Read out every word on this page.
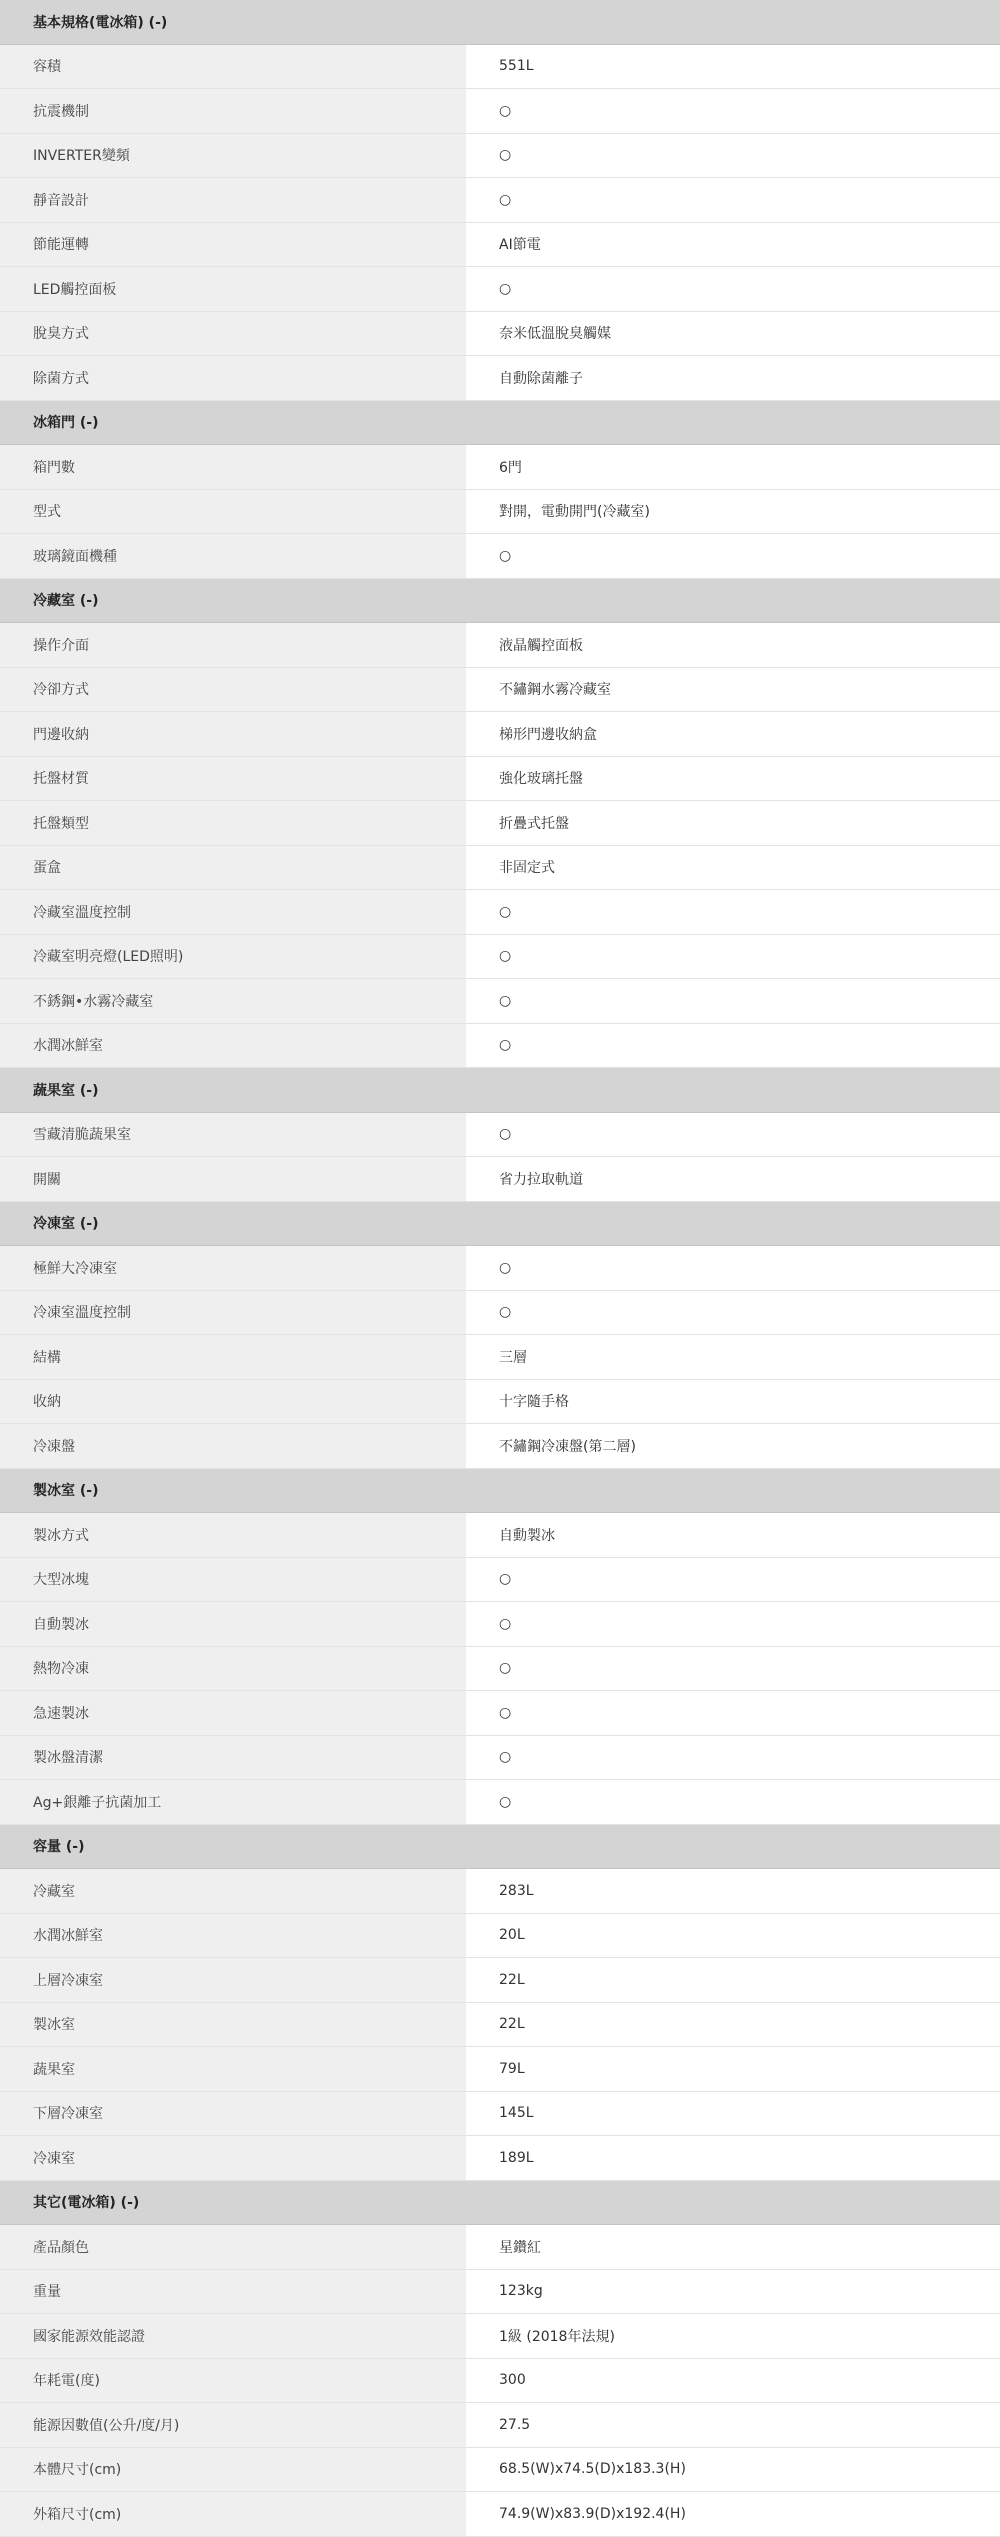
基本規格(電冰箱) (-)
容積	551L
抗震機制	○
INVERTER變頻	○
靜音設計	○
節能運轉	AI節電
LED觸控面板	○
脫臭方式	奈米低溫脫臭觸媒
除菌方式	自動除菌離子
冰箱門 (-)
箱門數	6門
型式	對開，電動開門(冷藏室)
玻璃鏡面機種	○
冷藏室 (-)
操作介面	液晶觸控面板
冷卻方式	不鏽鋼水霧冷藏室
門邊收納	梯形門邊收納盒
托盤材質	強化玻璃托盤
托盤類型	折疊式托盤
蛋盒	非固定式
冷藏室溫度控制	○
冷藏室明亮燈(LED照明)	○
不銹鋼•水霧冷藏室	○
水潤冰鮮室	○
蔬果室 (-)
雪藏清脆蔬果室	○
開關	省力拉取軌道
冷凍室 (-)
極鮮大冷凍室	○
冷凍室溫度控制	○
結構	三層
收納	十字隨手格
冷凍盤	不鏽鋼冷凍盤(第二層)
製冰室 (-)
製冰方式	自動製冰
大型冰塊	○
自動製冰	○
熱物冷凍	○
急速製冰	○
製冰盤清潔	○
Ag+銀離子抗菌加工	○
容量 (-)
冷藏室	283L
水潤冰鮮室	20L
上層冷凍室	22L
製冰室	22L
蔬果室	79L
下層冷凍室	145L
冷凍室	189L
其它(電冰箱) (-)
產品顏色	星鑽紅
重量	123kg
國家能源效能認證	1級 (2018年法規)
年耗電(度)	300
能源因數值(公升/度/月)	27.5
本體尺寸(cm)	68.5(W)x74.5(D)x183.3(H)
外箱尺寸(cm)	74.9(W)x83.9(D)x192.4(H)
